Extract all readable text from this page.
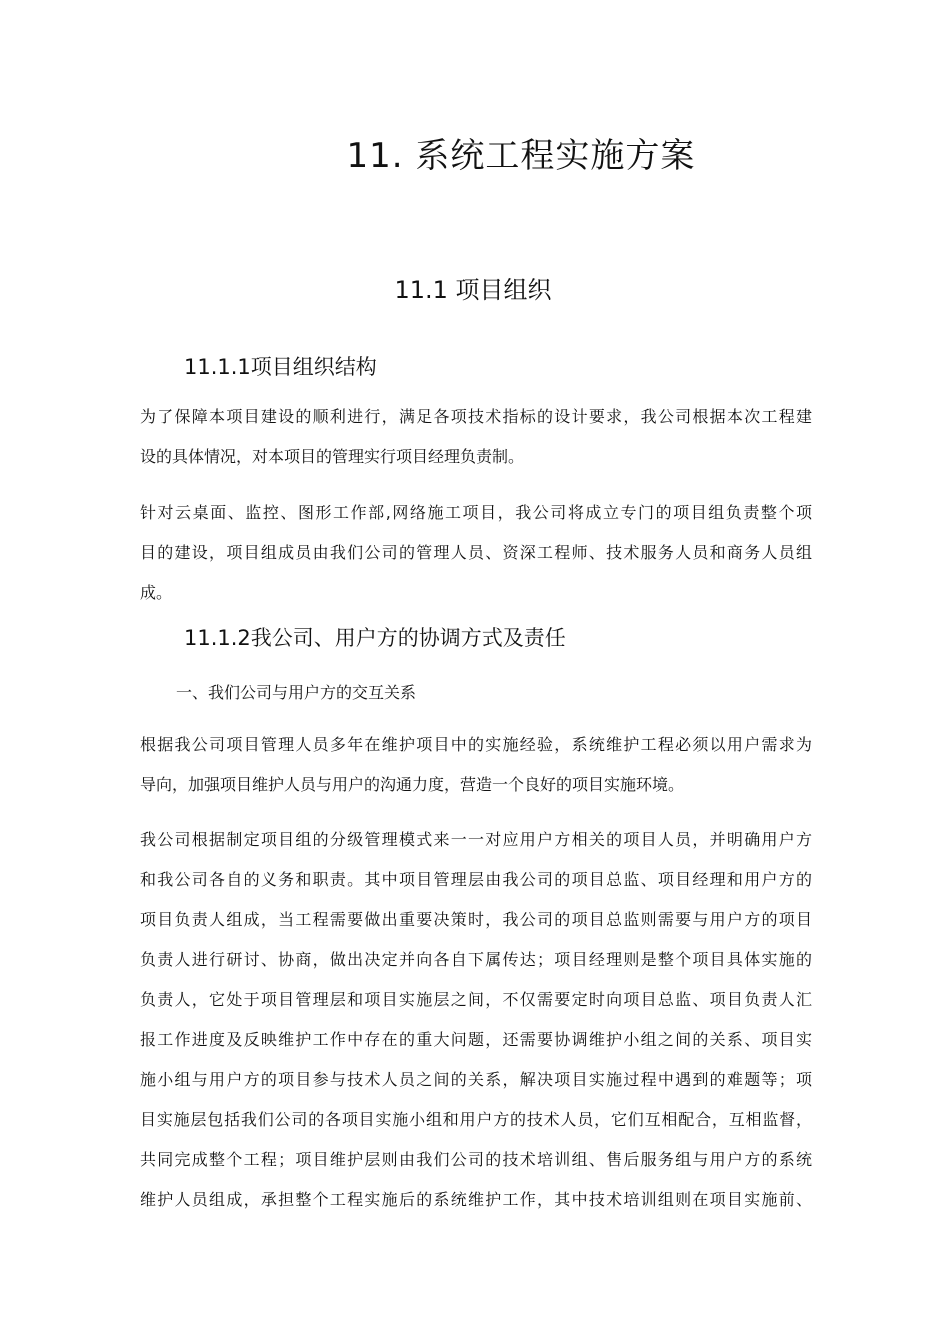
11. 系统工程实施方案
11.1 项目组织
11.1.1项目组织结构
为了保障本项目建设的顺利进行，满足各项技术指标的设计要求，我公司根据本次工程建
设的具体情况，对本项目的管理实行项目经理负责制。
针对云桌面、监控、图形工作部,网络施工项目，我公司将成立专门的项目组负责整个项
目的建设，项目组成员由我们公司的管理人员、资深工程师、技术服务人员和商务人员组
成。
11.1.2我公司、用户方的协调方式及责任
一、我们公司与用户方的交互关系
根据我公司项目管理人员多年在维护项目中的实施经验，系统维护工程必须以用户需求为
导向，加强项目维护人员与用户的沟通力度，营造一个良好的项目实施环境。
我公司根据制定项目组的分级管理模式来一一对应用户方相关的项目人员，并明确用户方
和我公司各自的义务和职责。其中项目管理层由我公司的项目总监、项目经理和用户方的
项目负责人组成，当工程需要做出重要决策时，我公司的项目总监则需要与用户方的项目
负责人进行研讨、协商，做出决定并向各自下属传达；项目经理则是整个项目具体实施的
负责人，它处于项目管理层和项目实施层之间，不仅需要定时向项目总监、项目负责人汇
报工作进度及反映维护工作中存在的重大问题，还需要协调维护小组之间的关系、项目实
施小组与用户方的项目参与技术人员之间的关系，解决项目实施过程中遇到的难题等；项
目实施层包括我们公司的各项目实施小组和用户方的技术人员，它们互相配合，互相监督，
共同完成整个工程；项目维护层则由我们公司的技术培训组、售后服务组与用户方的系统
维护人员组成，承担整个工程实施后的系统维护工作，其中技术培训组则在项目实施前、
